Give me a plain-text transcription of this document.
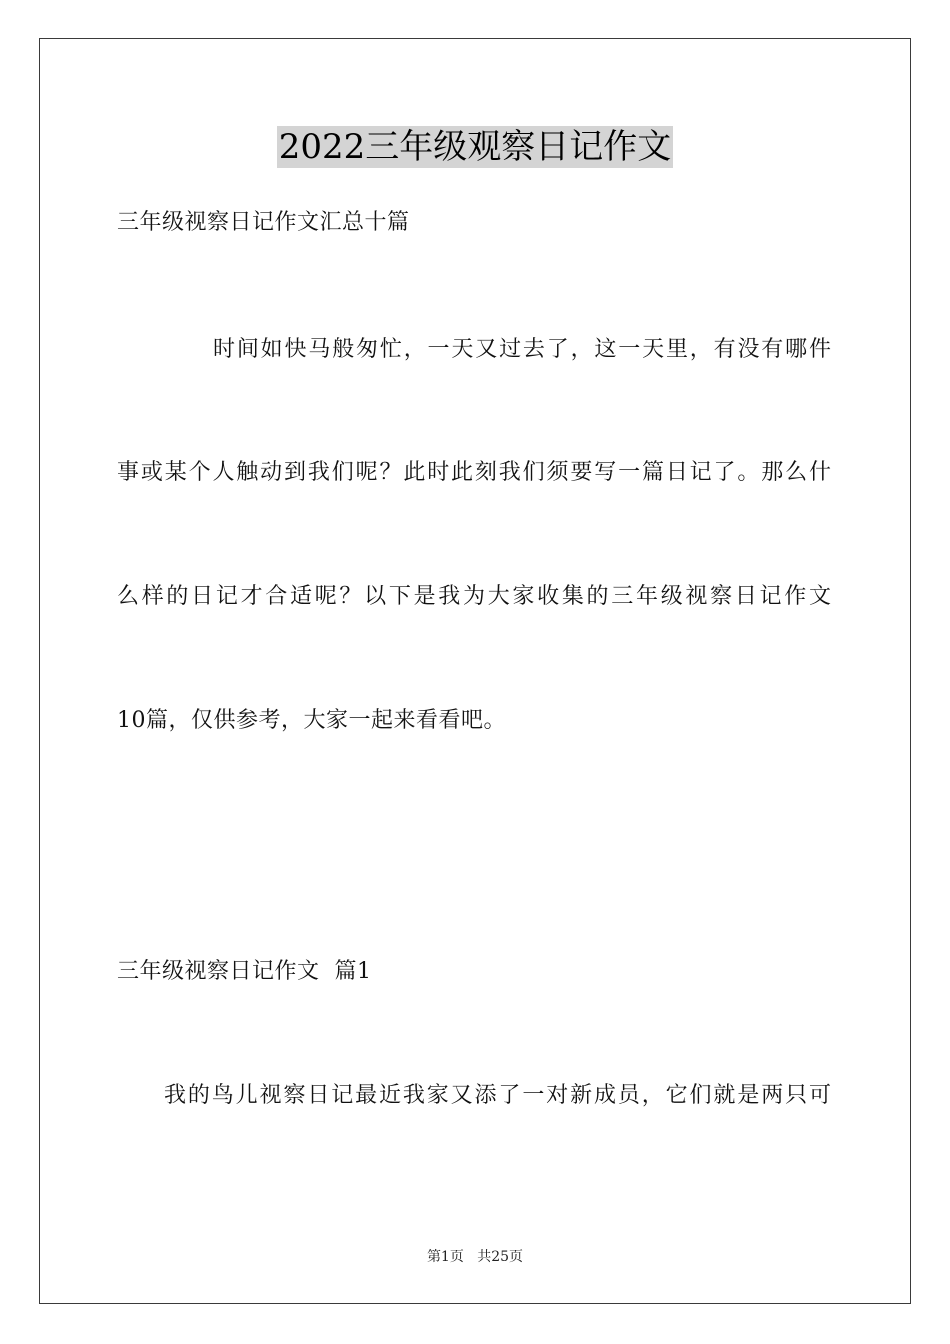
2022三年级观察日记作文
三年级视察日记作文汇总十篇
时间如快马般匆忙，一天又过去了，这一天里，有没有哪件
事或某个人触动到我们呢？此时此刻我们须要写一篇日记了。那么什
么样的日记才合适呢？以下是我为大家收集的三年级视察日记作文
10篇，仅供参考，大家一起来看看吧。
三年级视察日记作文  篇1
我的鸟儿视察日记最近我家又添了一对新成员，它们就是两只可
第1页 共25页
